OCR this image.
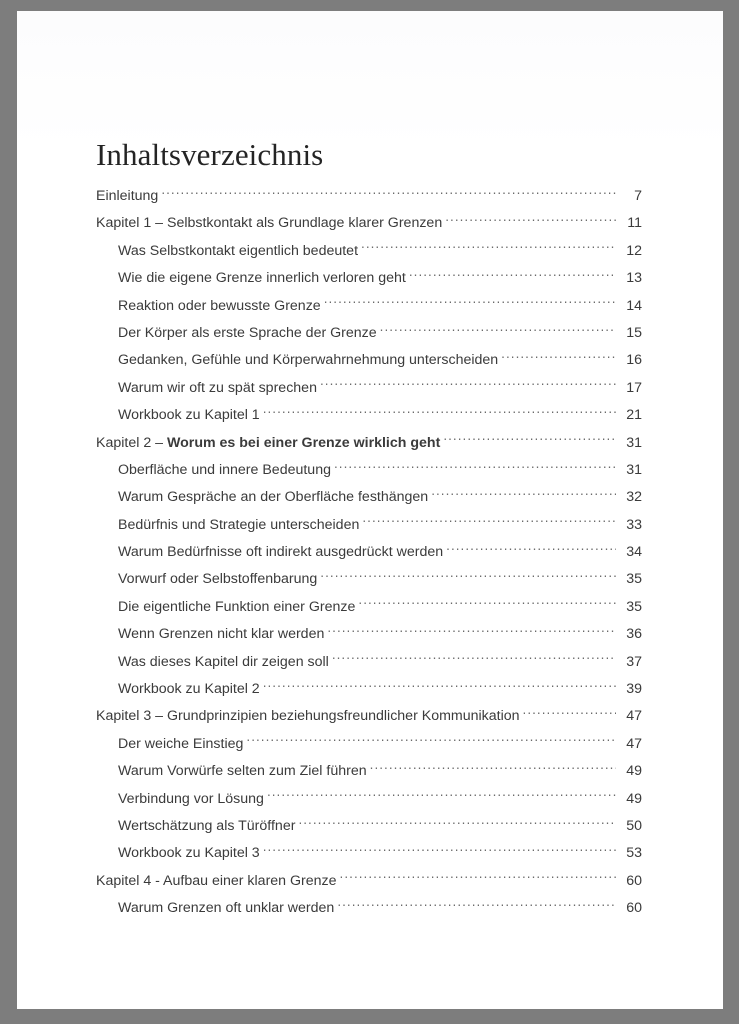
Inhaltsverzeichnis
Einleitung .....	7
Kapitel 1 – Selbstkontakt als Grundlage klarer Grenzen .....	11
Was Selbstkontakt eigentlich bedeutet .....	12
Wie die eigene Grenze innerlich verloren geht .....	13
Reaktion oder bewusste Grenze .....	14
Der Körper als erste Sprache der Grenze .....	15
Gedanken, Gefühle und Körperwahrnehmung unterscheiden .....	16
Warum wir oft zu spät sprechen .....	17
Workbook zu Kapitel 1 .....	21
Kapitel 2 – Worum es bei einer Grenze wirklich geht .....	31
Oberfläche und innere Bedeutung .....	31
Warum Gespräche an der Oberfläche festhängen .....	32
Bedürfnis und Strategie unterscheiden .....	33
Warum Bedürfnisse oft indirekt ausgedrückt werden .....	34
Vorwurf oder Selbstoffenbarung .....	35
Die eigentliche Funktion einer Grenze .....	35
Wenn Grenzen nicht klar werden .....	36
Was dieses Kapitel dir zeigen soll .....	37
Workbook zu Kapitel 2 .....	39
Kapitel 3 – Grundprinzipien beziehungsfreundlicher Kommunikation .....	47
Der weiche Einstieg .....	47
Warum Vorwürfe selten zum Ziel führen .....	49
Verbindung vor Lösung .....	49
Wertschätzung als Türöffner .....	50
Workbook zu Kapitel 3 .....	53
Kapitel 4 - Aufbau einer klaren Grenze .....	60
Warum Grenzen oft unklar werden .....	60
